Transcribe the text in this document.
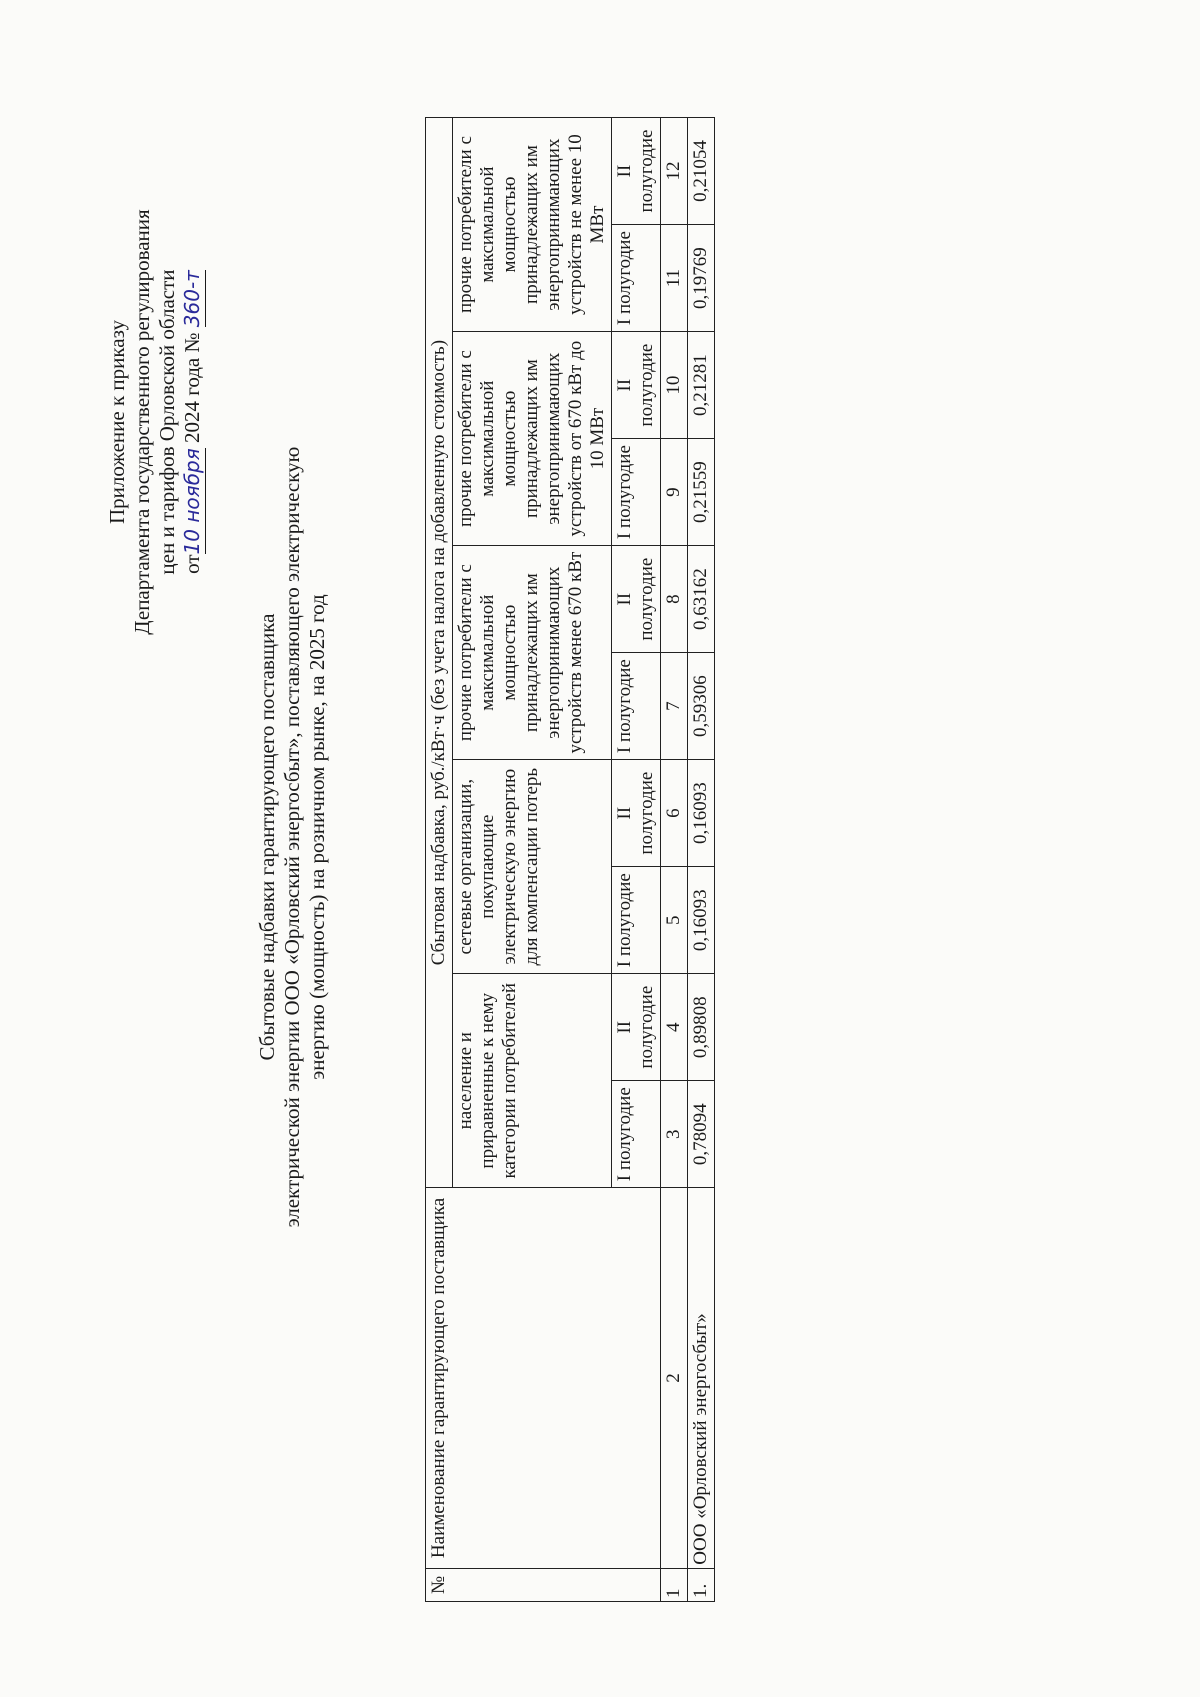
Приложение к приказу Департамента государственного регулирования цен и тарифов Орловской области от10 ноября 2024 года № 360-т
Сбытовые надбавки гарантирующего поставщика электрической энергии ООО «Орловский энергосбыт», поставляющего электрическую энергию (мощность) на розничном рынке, на 2025 год
№	Наименование гарантирующего поставщика	Сбытовая надбавка, руб./кВт·ч (без учета налога на добавленную стоимость)									
		население и приравненные к нему категории потребителей		сетевые организации, покупающие электрическую энергию для компенсации потерь		прочие потребители с максимальной мощностью принадлежащих им энергопринимающих устройств менее 670 кВт		прочие потребители с максимальной мощностью принадлежащих им энергопринимающих устройств от 670 кВт до 10 МВт		прочие потребители с максимальной мощностью принадлежащих им энергопринимающих устройств не менее 10 МВт	
		I полугодие	II полугодие	I полугодие	II полугодие	I полугодие	II полугодие	I полугодие	II полугодие	I полугодие	II полугодие
1	2	3	4	5	6	7	8	9	10	11	12
1.	ООО «Орловский энергосбыт»	0,78094	0,89808	0,16093	0,16093	0,59306	0,63162	0,21559	0,21281	0,19769	0,21054
